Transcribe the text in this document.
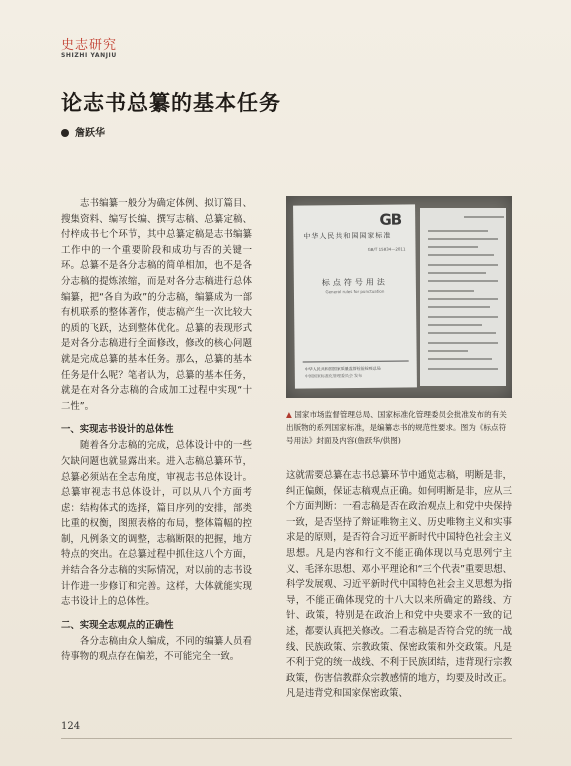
史志研究
SHIZHI YANJIU
论志书总纂的基本任务
詹跃华

志书编纂一般分为确定体例、拟订篇目、搜集资料、编写长编、撰写志稿、总纂定稿、付梓成书七个环节，其中总纂定稿是志书编纂工作中的一个重要阶段和成功与否的关键一环。总纂不是各分志稿的简单相加，也不是各分志稿的提炼浓缩，而是对各分志稿进行总体编纂，把“各自为政”的分志稿，编纂成为一部有机联系的整体著作，使志稿产生一次比较大的质的飞跃，达到整体优化。总纂的表现形式是对各分志稿进行全面修改，修改的核心问题就是完成总纂的基本任务。那么，总纂的基本任务是什么呢？笔者认为，总纂的基本任务，就是在对各分志稿的合成加工过程中实现“十二性”。

一、实现志书设计的总体性

随着各分志稿的完成，总体设计中的一些欠缺问题也就显露出来。进入志稿总纂环节，总纂必须站在全志角度，审视志书总体设计。总纂审视志书总体设计，可以从八个方面考虑：结构体式的选择，篇目序列的安排，部类比重的权衡，图照表格的布局，整体篇幅的控制，凡例条文的调整，志稿断限的把握，地方特点的突出。在总纂过程中抓住这八个方面，并结合各分志稿的实际情况，对以前的志书设计作进一步修订和完善。这样，大体就能实现志书设计上的总体性。

二、实现全志观点的正确性

各分志稿由众人编成，不同的编纂人员看待事物的观点存在偏差，不可能完全一致。

GB
中华人民共和国国家标准
GB/T 15834—2011
标点符号用法
General rules for punctuation
中华人民共和国国家质量监督检验检疫总局
中国国家标准化管理委员会 发布
▲ 国家市场监督管理总局、国家标准化管理委员会批准发布的有关出版物的系列国家标准，是编纂志书的规范性要求。图为《标点符号用法》封面及内容(詹跃华/供图)

这就需要总纂在志书总纂环节中通览志稿，明断是非，纠正偏颇，保证志稿观点正确。如何明断是非，应从三个方面判断：一看志稿是否在政治观点上和党中央保持一致，是否坚持了辩证唯物主义、历史唯物主义和实事求是的原则，是否符合习近平新时代中国特色社会主义思想。凡是内容和行文不能正确体现以马克思列宁主义、毛泽东思想、邓小平理论和“三个代表”重要思想、科学发展观、习近平新时代中国特色社会主义思想为指导，不能正确体现党的十八大以来所确定的路线、方针、政策，特别是在政治上和党中央要求不一致的记述，都要认真把关修改。二看志稿是否符合党的统一战线、民族政策、宗教政策、保密政策和外交政策。凡是不利于党的统一战线、不利于民族团结，违背现行宗教政策，伤害信教群众宗教感情的地方，均要及时改正。凡是违背党和国家保密政策、

124
